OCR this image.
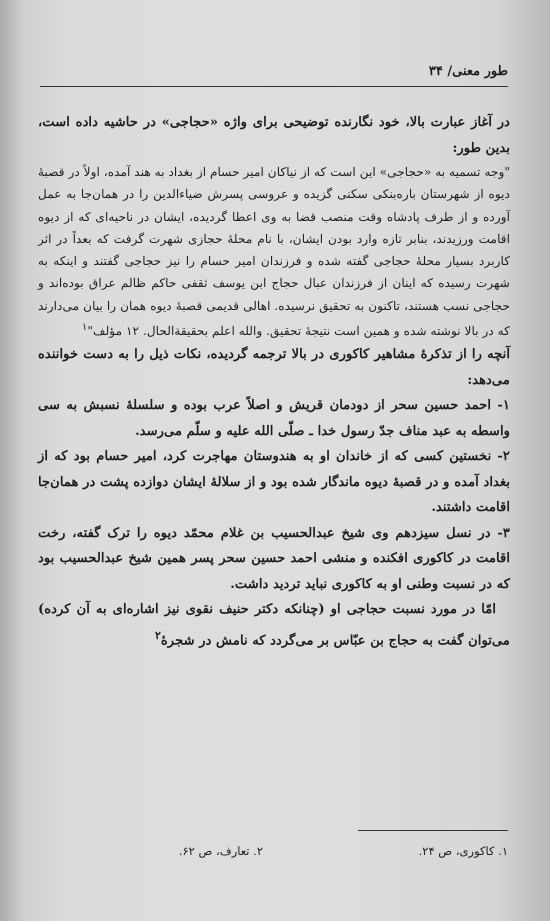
طور معنی/ ۳۴

در آغاز عبارت بالا، خود نگارنده توضیحی برای واژه «حجاجی» در حاشیه داده است، بدین طور:

"وجه تسمیه به «حجاجی» این است که از نیاکان امیر حسام از بغداد به هند آمده، اولاً در قصبهٔ دیوه از شهرستان باره‌بنکی سکنی گزیده و عروسی پسرش ضیاءالدین را در همان‌جا به عمل آورده و از طرف پادشاه وقت منصب قضا به وی اعطا گردیده، ایشان در ناحیه‌ای که از دیوه اقامت ورزیدند، بنابر تازه وارد بودن ایشان، با نام محلهٔ حجازی شهرت گرفت که بعداً در اثر کاربرد بسیار محلهٔ حجاجی گفته شده و فرزندان امیر حسام را نیز حجاجی گفتند و اینکه به شهرت رسیده که اینان از فرزندان عبال حجاج ابن یوسف ثقفی حاکم ظالم عراق بوده‌اند و حجاجی نسب هستند، تاکنون به تحقیق نرسیده. اهالی قدیمی قصبهٔ دیوه همان را بیان می‌دارند که در بالا نوشته شده و همین است نتیجهٔ تحقیق. والله اعلم بحقیقة‌الحال. ۱۲ مؤلف"$^۱$

آنچه را از تذکرهٔ مشاهیر کاکوری در بالا ترجمه گردیده، نکات ذیل را به دست خواننده می‌دهد:

۱- احمد حسین سحر از دودمان قریش و اصلاً عرب بوده و سلسلهٔ نسبش به سی واسطه به عبد مناف جدّ رسول خدا ـ صلّی الله علیه و سلّم می‌رسد.

۲- نخستین کسی که از خاندان او به هندوستان مهاجرت کرد، امیر حسام بود که از بغداد آمده و در قصبهٔ دیوه ماندگار شده بود و از سلالهٔ ایشان دوازده پشت در همان‌جا اقامت داشتند.

۳- در نسل سیزدهم وی شیخ عبدالحسیب بن غلام محمّد دیوه را ترک گفته، رخت اقامت در کاکوری افکنده و منشی احمد حسین سحر پسر همین شیخ عبدالحسیب بود که در نسبت وطنی او به کاکوری نباید تردید داشت.

امّا در مورد نسبت حجاجی او (چنانکه دکتر حنیف نقوی نیز اشاره‌ای به آن کرده) می‌توان گفت به حجاج بن عبّاس بر می‌گردد که نامش در شجرهٔ$^۲$

۱. کاکوری، ص ۲۴.
۲. تعارف، ص ۶۲.
